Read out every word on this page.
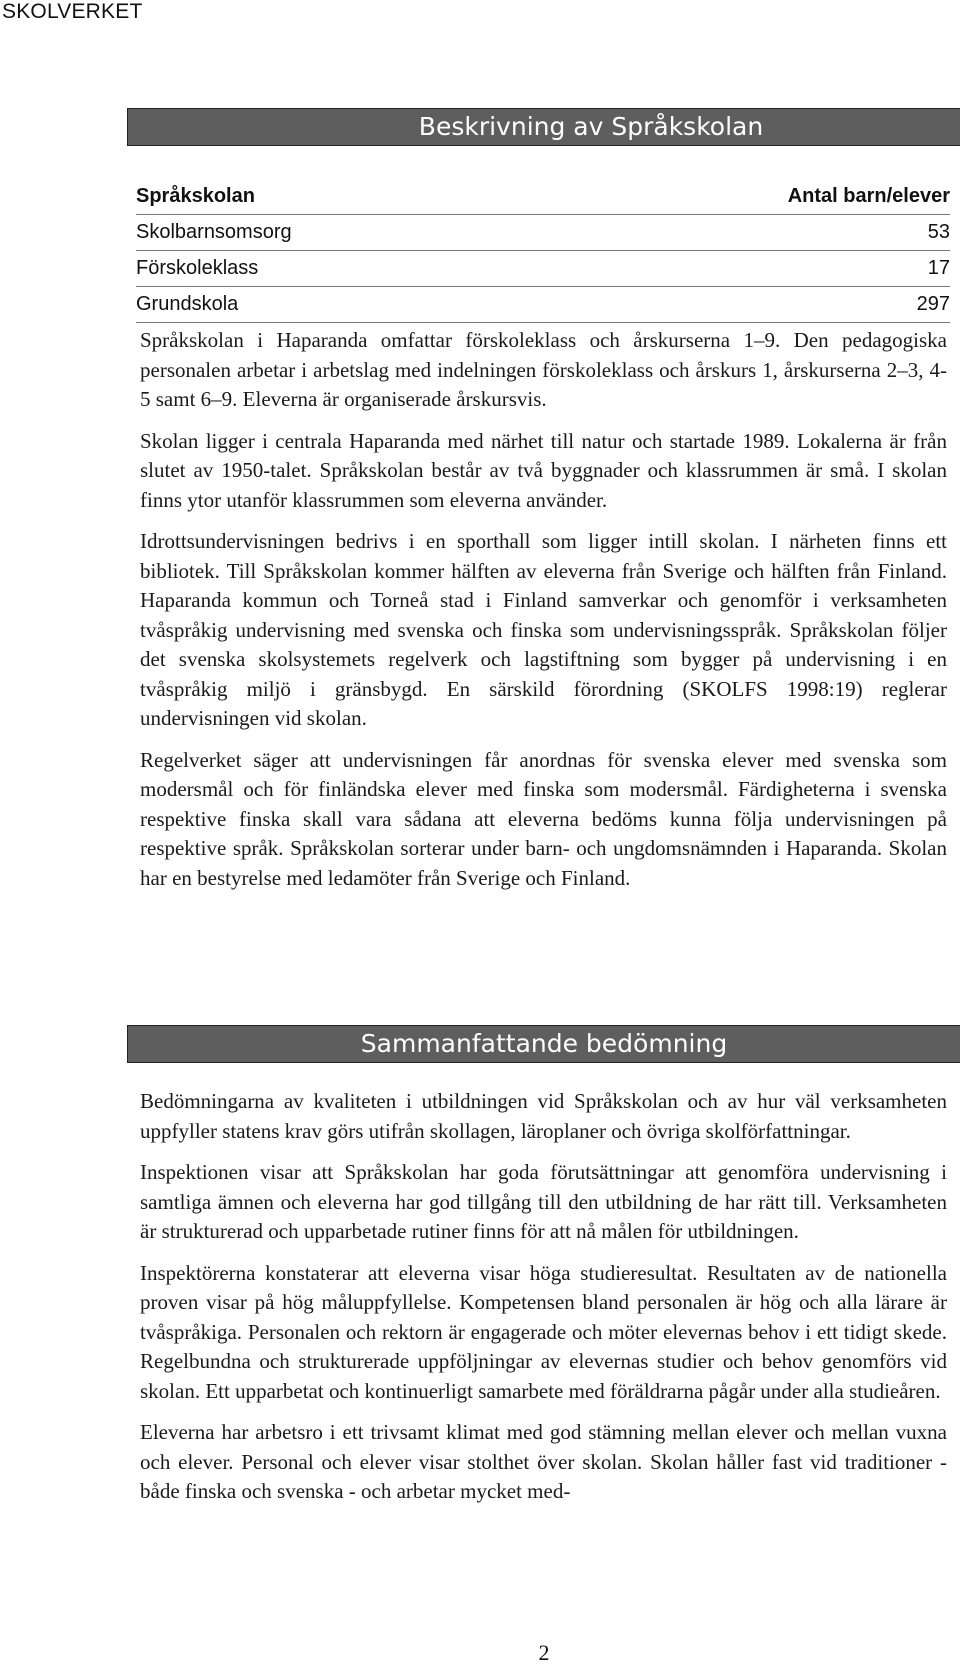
SKOLVERKET
Beskrivning av Språkskolan
Språkskolan	Antal barn/elever
Skolbarnsomsorg	53
Förskoleklass	17
Grundskola	297

Språkskolan i Haparanda omfattar förskoleklass och årskurserna 1–9. Den pedagogiska personalen arbetar i arbetslag med indelningen förskoleklass och årskurs 1, årskurserna 2–3, 4-5 samt 6–9. Eleverna är organiserade årskursvis.

Skolan ligger i centrala Haparanda med närhet till natur och startade 1989. Lokalerna är från slutet av 1950-talet. Språkskolan består av två byggnader och klassrummen är små. I skolan finns ytor utanför klassrummen som eleverna använder.

Idrottsundervisningen bedrivs i en sporthall som ligger intill skolan. I närheten finns ett bibliotek. Till Språkskolan kommer hälften av eleverna från Sverige och hälften från Finland. Haparanda kommun och Torneå stad i Finland samverkar och genomför i verksamheten tvåspråkig undervisning med svenska och finska som undervisningsspråk. Språkskolan följer det svenska skolsystemets regelverk och lagstiftning som bygger på undervisning i en tvåspråkig miljö i gränsbygd. En särskild förordning (SKOLFS 1998:19) reglerar undervisningen vid skolan.

Regelverket säger att undervisningen får anordnas för svenska elever med svenska som modersmål och för finländska elever med finska som modersmål. Färdigheterna i svenska respektive finska skall vara sådana att eleverna bedöms kunna följa undervisningen på respektive språk. Språkskolan sorterar under barn- och ungdomsnämnden i Haparanda. Skolan har en bestyrelse med ledamöter från Sverige och Finland.

Sammanfattande bedömning

Bedömningarna av kvaliteten i utbildningen vid Språkskolan och av hur väl verksamheten uppfyller statens krav görs utifrån skollagen, läroplaner och övriga skolförfattningar.

Inspektionen visar att Språkskolan har goda förutsättningar att genomföra undervisning i samtliga ämnen och eleverna har god tillgång till den utbildning de har rätt till. Verksamheten är strukturerad och upparbetade rutiner finns för att nå målen för utbildningen.

Inspektörerna konstaterar att eleverna visar höga studieresultat. Resultaten av de nationella proven visar på hög måluppfyllelse. Kompetensen bland personalen är hög och alla lärare är tvåspråkiga. Personalen och rektorn är engagerade och möter elevernas behov i ett tidigt skede. Regelbundna och strukturerade uppföljningar av elevernas studier och behov genomförs vid skolan. Ett upparbetat och kontinuerligt samarbete med föräldrarna pågår under alla studieåren.

Eleverna har arbetsro i ett trivsamt klimat med god stämning mellan elever och mellan vuxna och elever. Personal och elever visar stolthet över skolan. Skolan håller fast vid traditioner - både finska och svenska - och arbetar mycket med-

2
